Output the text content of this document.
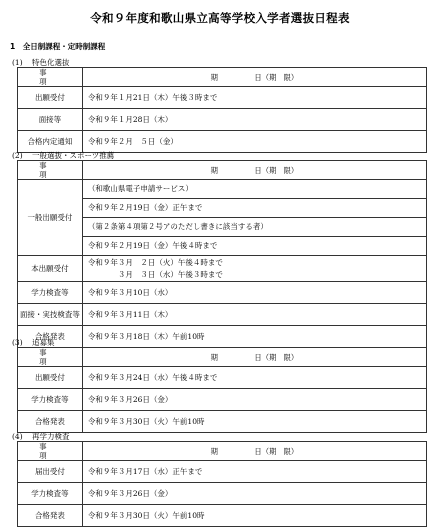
令和９年度和歌山県立高等学校入学者選抜日程表
1　全日制課程・定時制課程
(1) 特色化選抜
事　　項	期　　　　　日（期　限）
出願受付	令和９年１月21日（木）午後３時まで

面接等	令和９年１月28日（木）

合格内定通知	令和９年２月　５日（金）
(2) 一般選抜・スポーツ推薦
事　　項	期　　　　　日（期　限）
一般出願受付	（和歌山県電子申請サービス）
	令和９年２月19日（金）正午まで
	（第２条第４項第２号アのただし書きに該当する者）
	令和９年２月19日（金）午後４時まで
本出願受付	令和９年３月　２日（火）午後４時まで
　　　　３月　３日（水）午後３時まで

学力検査等	令和９年３月10日（水）

面接・実技検査等	令和９年３月11日（木）

合格発表	令和９年３月18日（木）午前10時
(3) 追募集
事　　項	期　　　　　日（期　限）
出願受付	令和９年３月24日（水）午後４時まで

学力検査等	令和９年３月26日（金）

合格発表	令和９年３月30日（火）午前10時
(4) 再学力検査
事　　項	期　　　　　日（期　限）
届出受付	令和９年３月17日（水）正午まで

学力検査等	令和９年３月26日（金）

合格発表	令和９年３月30日（火）午前10時
